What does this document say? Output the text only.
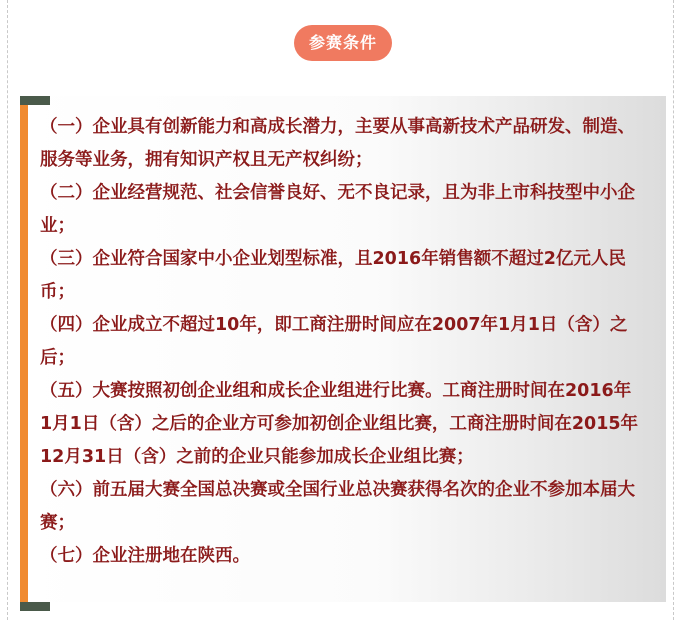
参赛条件

（一）企业具有创新能力和高成长潜力，主要从事高新技术产品研发、制造、服务等业务，拥有知识产权且无产权纠纷；

（二）企业经营规范、社会信誉良好、无不良记录，且为非上市科技型中小企业；

（三）企业符合国家中小企业划型标准，且2016年销售额不超过2亿元人民币；

（四）企业成立不超过10年，即工商注册时间应在2007年1月1日（含）之后；

（五）大赛按照初创企业组和成长企业组进行比赛。工商注册时间在2016年1月1日（含）之后的企业方可参加初创企业组比赛，工商注册时间在2015年12月31日（含）之前的企业只能参加成长企业组比赛；

（六）前五届大赛全国总决赛或全国行业总决赛获得名次的企业不参加本届大赛；

（七）企业注册地在陕西。
